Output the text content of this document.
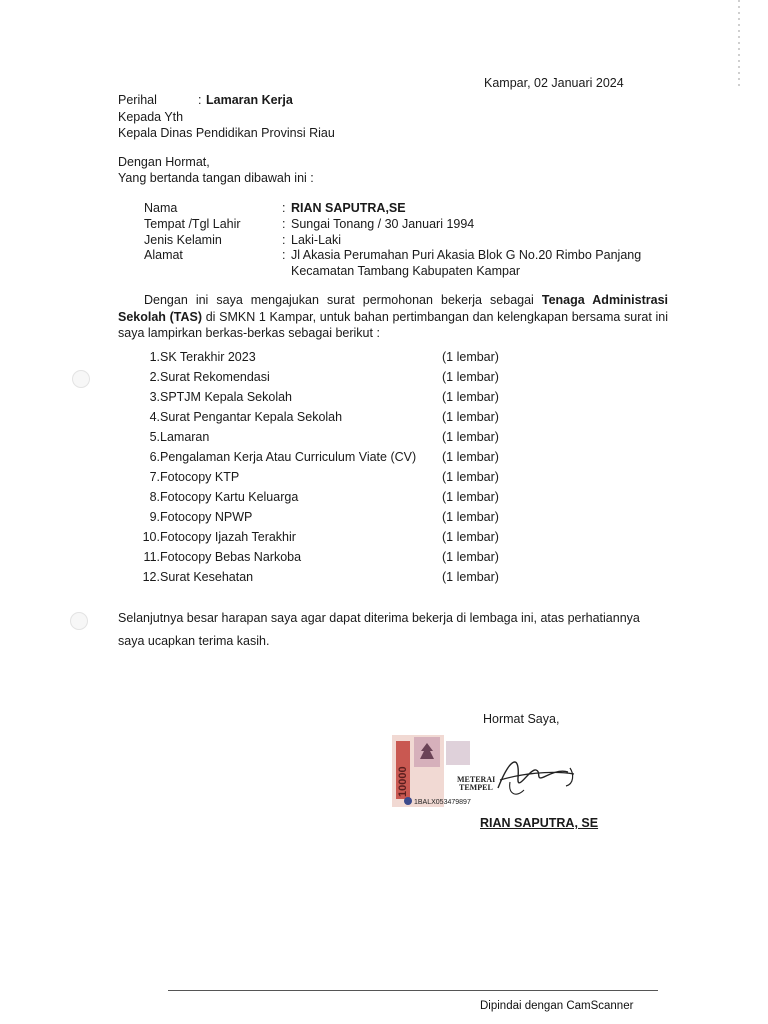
Kampar, 02 Januari 2024
Perihal	: Lamaran Kerja
Kepada Yth
Kepala Dinas Pendidikan Provinsi Riau
Dengan Hormat,
Yang bertanda tangan dibawah ini :
Nama	: RIAN SAPUTRA,SE
Tempat /Tgl Lahir	: Sungai Tonang / 30 Januari 1994
Jenis Kelamin	: Laki-Laki
Alamat	: Jl Akasia Perumahan Puri Akasia Blok G No.20 Rimbo Panjang
Kecamatan Tambang Kabupaten Kampar
Dengan ini saya mengajukan surat permohonan bekerja sebagai Tenaga Administrasi Sekolah (TAS) di SMKN 1 Kampar, untuk bahan pertimbangan dan kelengkapan bersama surat ini saya lampirkan berkas-berkas sebagai berikut :
1. SK Terakhir 2023	(1 lembar)
2. Surat Rekomendasi	(1 lembar)
3. SPTJM Kepala Sekolah	(1 lembar)
4. Surat Pengantar Kepala Sekolah	(1 lembar)
5. Lamaran	(1 lembar)
6. Pengalaman Kerja Atau Curriculum Viate (CV) (1 lembar)
7. Fotocopy KTP	(1 lembar)
8. Fotocopy Kartu Keluarga	(1 lembar)
9. Fotocopy NPWP	(1 lembar)
10. Fotocopy Ijazah Terakhir	(1 lembar)
11. Fotocopy Bebas Narkoba	(1 lembar)
12. Surat Kesehatan	(1 lembar)
Selanjutnya besar harapan saya agar dapat diterima bekerja di lembaga ini, atas perhatiannya
saya ucapkan terima kasih.
Hormat Saya,
10000	METERAI
TEMPEL
1BALX053479897
RIAN SAPUTRA, SE
Dipindai dengan CamScanner
